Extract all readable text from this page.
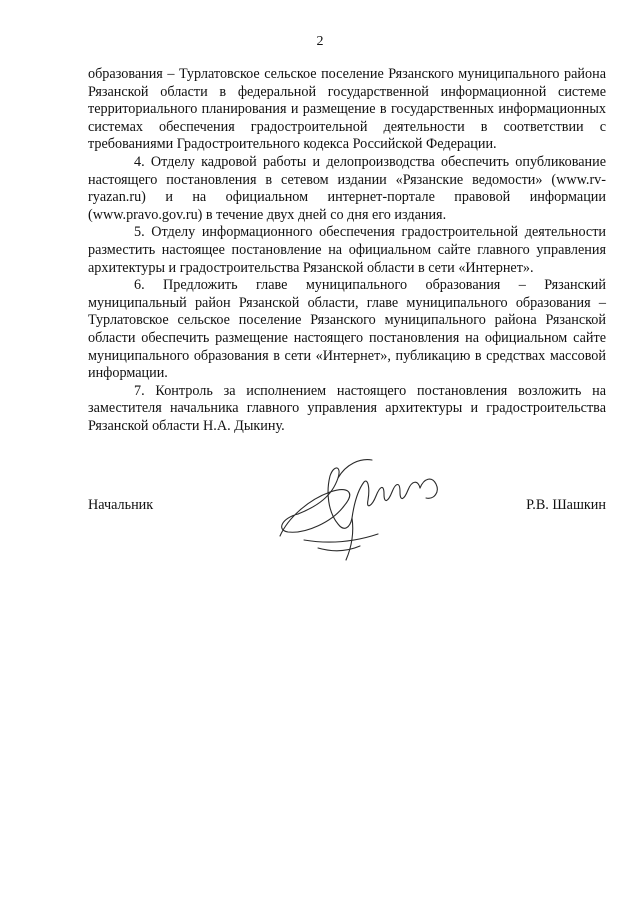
2

образования – Турлатовское сельское поселение Рязанского муниципального района Рязанской области в федеральной государственной информационной системе территориального планирования и размещение в государственных информационных системах обеспечения градостроительной деятельности в соответствии с требованиями Градостроительного кодекса Российской Федерации.

4. Отделу кадровой работы и делопроизводства обеспечить опубликование настоящего постановления в сетевом издании «Рязанские ведомости» (www.rv-ryazan.ru) и на официальном интернет-портале правовой информации (www.pravo.gov.ru) в течение двух дней со дня его издания.

5. Отделу информационного обеспечения градостроительной деятельности разместить настоящее постановление на официальном сайте главного управления архитектуры и градостроительства Рязанской области в сети «Интернет».

6. Предложить главе муниципального образования – Рязанский муниципальный район Рязанской области, главе муниципального образования – Турлатовское сельское поселение Рязанского муниципального района Рязанской области обеспечить размещение настоящего постановления на официальном сайте муниципального образования в сети «Интернет», публикацию в средствах массовой информации.

7. Контроль за исполнением настоящего постановления возложить на заместителя начальника главного управления архитектуры и градостроительства Рязанской области Н.А. Дыкину.

Начальник	Р.В. Шашкин
